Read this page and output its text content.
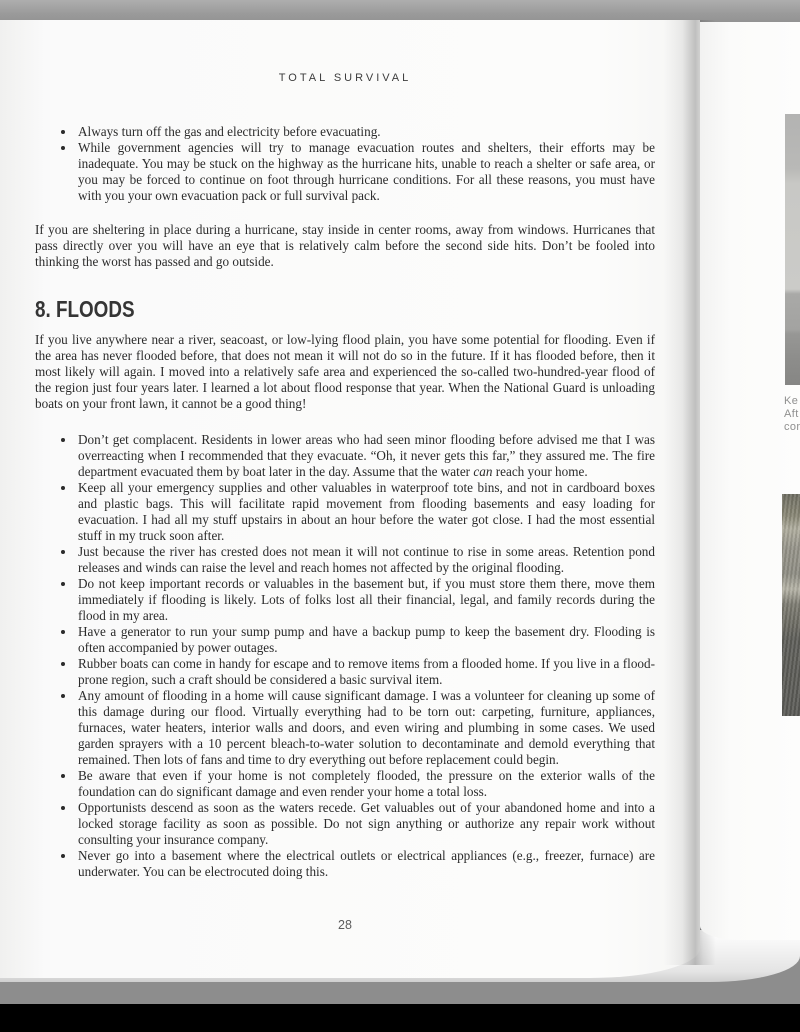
TOTAL SURVIVAL
• Always turn off the gas and electricity before evacuating.
• While government agencies will try to manage evacuation routes and shelters, their efforts may be inadequate. You may be stuck on the highway as the hurricane hits, unable to reach a shelter or safe area, or you may be forced to continue on foot through hurricane conditions. For all these reasons, you must have with you your own evacuation pack or full survival pack.

If you are sheltering in place during a hurricane, stay inside in center rooms, away from windows. Hurricanes that pass directly over you will have an eye that is relatively calm before the second side hits. Don’t be fooled into thinking the worst has passed and go outside.

8. FLOODS

If you live anywhere near a river, seacoast, or low-lying flood plain, you have some potential for flooding. Even if the area has never flooded before, that does not mean it will not do so in the future. If it has flooded before, then it most likely will again. I moved into a relatively safe area and experienced the so-called two-hundred-year flood of the region just four years later. I learned a lot about flood response that year. When the National Guard is unloading boats on your front lawn, it cannot be a good thing!

• Don’t get complacent. Residents in lower areas who had seen minor flooding before advised me that I was overreacting when I recommended that they evacuate. “Oh, it never gets this far,” they assured me. The fire department evacuated them by boat later in the day. Assume that the water can reach your home.
• Keep all your emergency supplies and other valuables in waterproof tote bins, and not in cardboard boxes and plastic bags. This will facilitate rapid movement from flooding basements and easy loading for evacuation. I had all my stuff upstairs in about an hour before the water got close. I had the most essential stuff in my truck soon after.
• Just because the river has crested does not mean it will not continue to rise in some areas. Retention pond releases and winds can raise the level and reach homes not affected by the original flooding.
• Do not keep important records or valuables in the basement but, if you must store them there, move them immediately if flooding is likely. Lots of folks lost all their financial, legal, and family records during the flood in my area.
• Have a generator to run your sump pump and have a backup pump to keep the basement dry. Flooding is often accompanied by power outages.
• Rubber boats can come in handy for escape and to remove items from a flooded home. If you live in a flood-prone region, such a craft should be considered a basic survival item.
• Any amount of flooding in a home will cause significant damage. I was a volunteer for cleaning up some of this damage during our flood. Virtually everything had to be torn out: carpeting, furniture, appliances, furnaces, water heaters, interior walls and doors, and even wiring and plumbing in some cases. We used garden sprayers with a 10 percent bleach-to-water solution to decontaminate and demold everything that remained. Then lots of fans and time to dry everything out before replacement could begin.
• Be aware that even if your home is not completely flooded, the pressure on the exterior walls of the foundation can do significant damage and even render your home a total loss.
• Opportunists descend as soon as the waters recede. Get valuables out of your abandoned home and into a locked storage facility as soon as possible. Do not sign anything or authorize any repair work without consulting your insurance company.
• Never go into a basement where the electrical outlets or electrical appliances (e.g., freezer, furnace) are underwater. You can be electrocuted doing this.
28
Ke
Aft
cor
